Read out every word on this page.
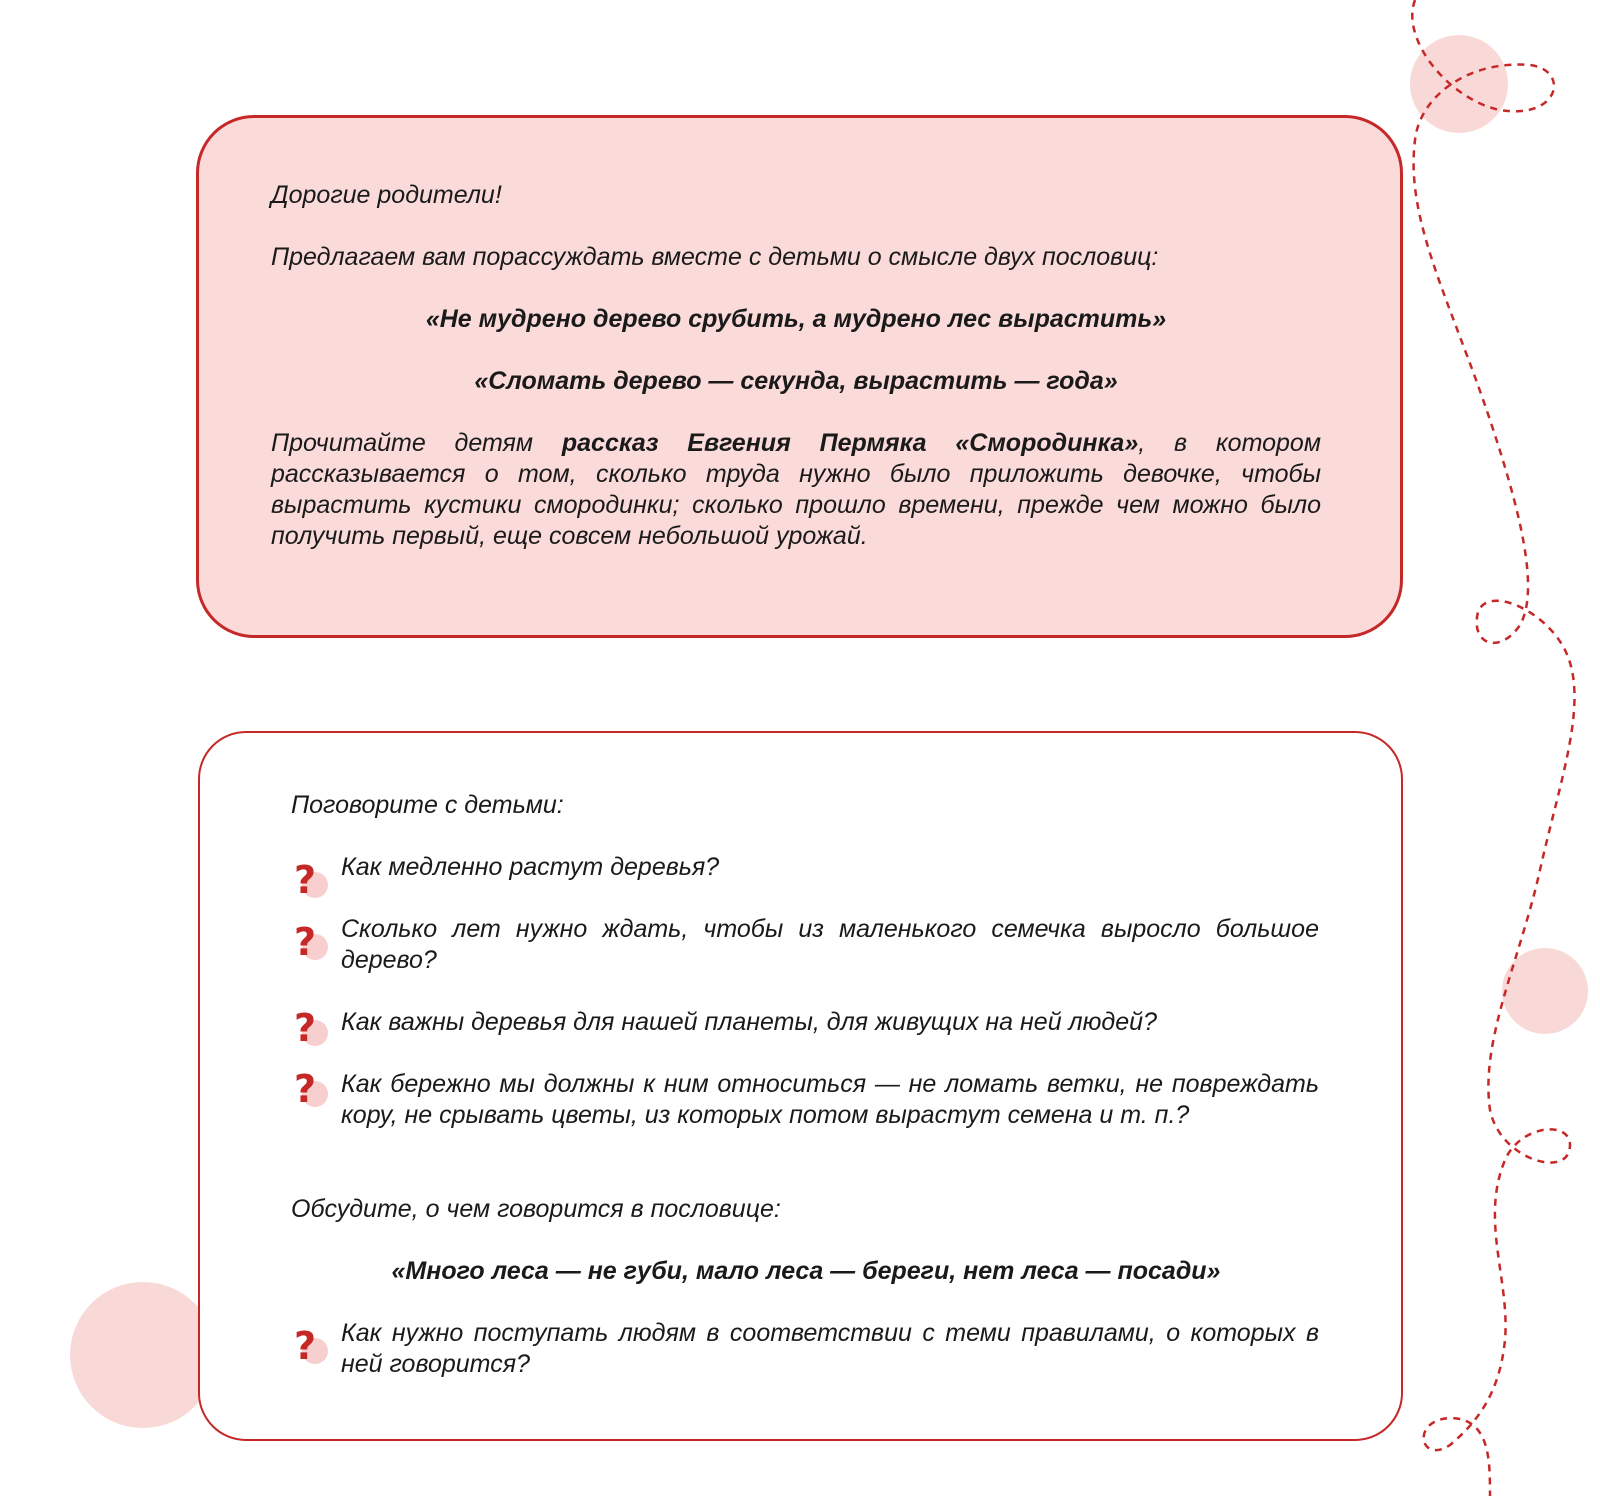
Дорогие родители!

Предлагаем вам порассуждать вместе с детьми о смысле двух пословиц:

«Не мудрено дерево срубить, а мудрено лес вырастить»

«Сломать дерево — секунда, вырастить — года»

Прочитайте детям рассказ Евгения Пермяка «Смородинка», в котором рассказывается о том, сколько труда нужно было приложить девочке, чтобы вырастить кустики смородинки; сколько прошло времени, прежде чем можно было получить первый, еще совсем небольшой урожай.

Поговорите с детьми:

? Как медленно растут деревья?

? Сколько лет нужно ждать, чтобы из маленького семечка выросло большое дерево?

? Как важны деревья для нашей планеты, для живущих на ней людей?

? Как бережно мы должны к ним относиться — не ломать ветки, не повреждать кору, не срывать цветы, из которых потом вырастут семена и т. п.?

Обсудите, о чем говорится в пословице:

«Много леса — не губи, мало леса — береги, нет леса — посади»

? Как нужно поступать людям в соответствии с теми правилами, о которых в ней говорится?
